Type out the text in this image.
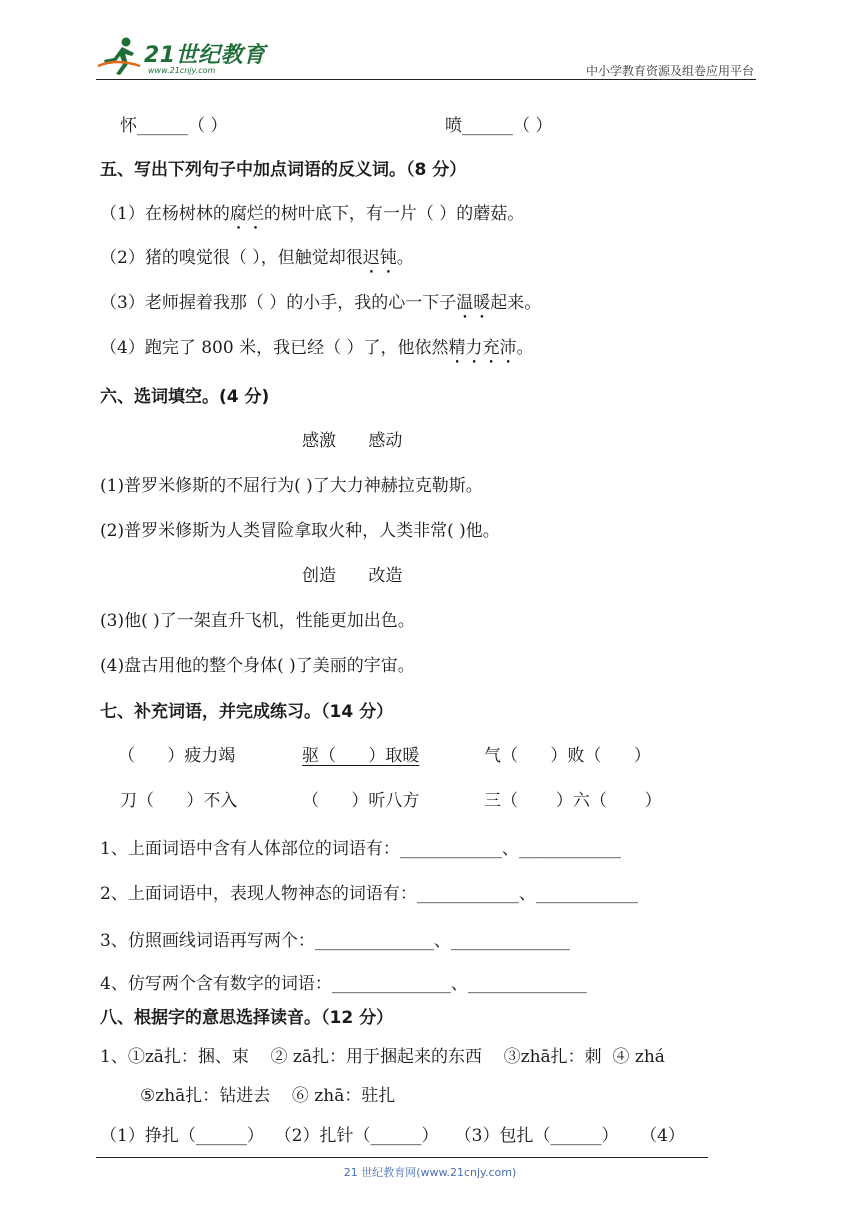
21世纪教育
www.21cnjy.com	中小学教育资源及组卷应用平台
怀______（ ）	喷______（ ）
五、写出下列句子中加点词语的反义词。（8 分）
（1）在杨树林的腐烂的树叶底下，有一片（ ）的蘑菇。
（2）猪的嗅觉很（ ），但触觉却很迟钝。
（3）老师握着我那（ ）的小手，我的心一下子温暖起来。
（4）跑完了 800 米，我已经（ ）了，他依然精力充沛。
六、选词填空。(4 分)
感激      感动
(1)普罗米修斯的不屈行为( )了大力神赫拉克勒斯。
(2)普罗米修斯为人类冒险拿取火种，人类非常( )他。
创造      改造
(3)他( )了一架直升飞机，性能更加出色。
(4)盘古用他的整个身体( )了美丽的宇宙。
七、补充词语，并完成练习。（14 分）
（      ）疲力竭	驱（      ）取暖	气（      ）败（      ）
刀（      ）不入	（      ）听八方	三（       ）六（       ）
1、上面词语中含有人体部位的词语有：____________、____________
2、上面词语中，表现人物神态的词语有：____________、____________
3、仿照画线词语再写两个：______________、______________
4、仿写两个含有数字的词语：______________、______________
八、根据字的意思选择读音。（12 分）
1、①zā扎：捆、束    ② zā扎：用于捆起来的东西    ③zhā扎：刺  ④ zhá
⑤zhā扎：钻进去    ⑥ zhā：驻扎
（1）挣扎（______）  （2）扎针（______）   （3）包扎（______）    （4）
21 世纪教育网(www.21cnjy.com)
